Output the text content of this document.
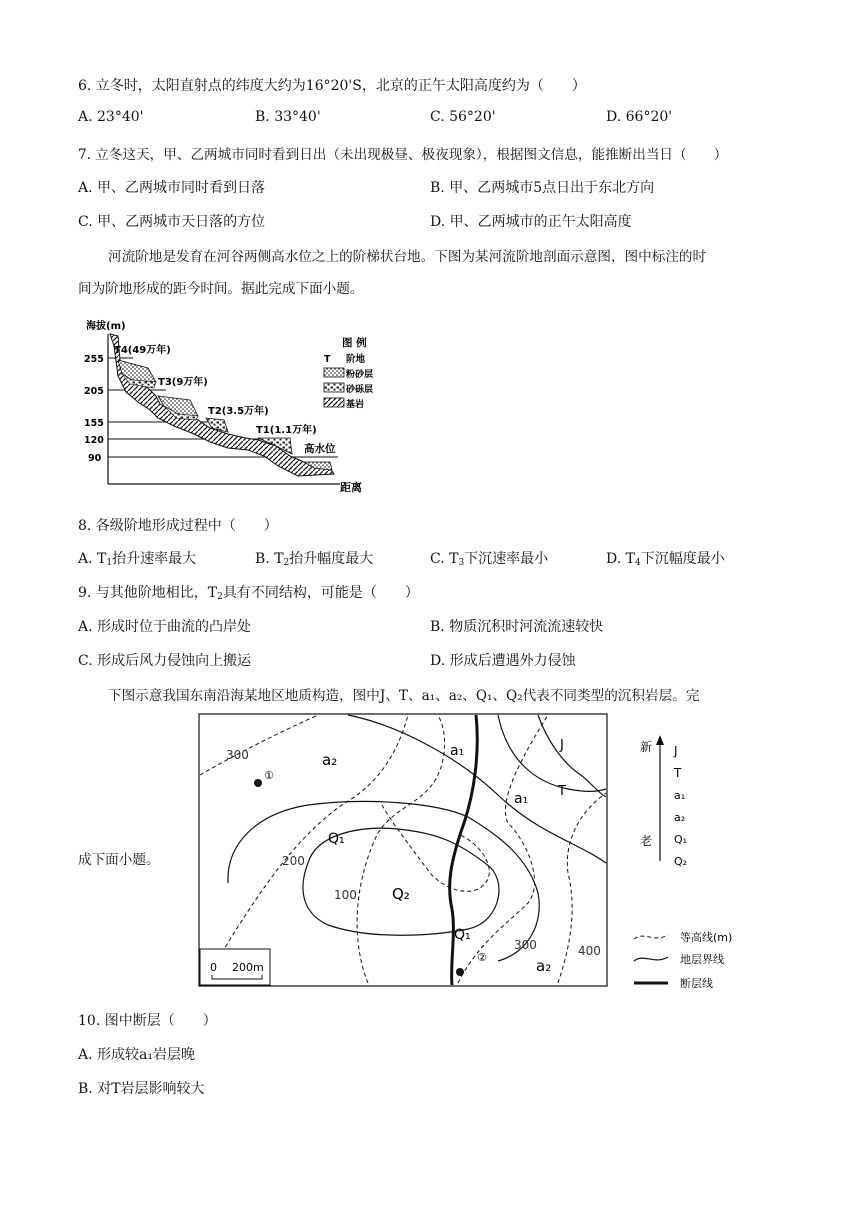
6. 立冬时，太阳直射点的纬度大约为16°20'S，北京的正午太阳高度约为（　　）
A. 23°40'	B. 33°40'	C. 56°20'	D. 66°20'
7. 立冬这天，甲、乙两城市同时看到日出（未出现极昼、极夜现象），根据图文信息，能推断出当日（　　）
A. 甲、乙两城市同时看到日落	B. 甲、乙两城市5点日出于东北方向
C. 甲、乙两城市天日落的方位	D. 甲、乙两城市的正午太阳高度
河流阶地是发育在河谷两侧高水位之上的阶梯状台地。下图为某河流阶地剖面示意图，图中标注的时
间为阶地形成的距今时间。据此完成下面小题。
海拔(m)
距离
255
205
155
120
90
T4(49万年)
T3(9万年)
T2(3.5万年)
T1(1.1万年)
高水位
图 例
T 阶地
粉砂层
砂砾层
基岩
8. 各级阶地形成过程中（　　）
A. $T_1$抬升速率最大	B. $T_2$抬升幅度最大	C. $T_3$下沉速率最小	D. $T_4$下沉幅度最小
9. 与其他阶地相比，$T_2$具有不同结构，可能是（　　）
A. 形成时位于曲流的凸岸处	B. 物质沉积时河流流速较快
C. 形成后风力侵蚀向上搬运	D. 形成后遭遇外力侵蚀
下图示意我国东南沿海某地区地质构造，图中J、T、a₁、a₂、Q₁、Q₂代表不同类型的沉积岩层。完
成下面小题。
300
200
100
300	400
J
T
a₁
a₁
a₂
a₂
Q₁
Q₁
Q₂
①
②
0 200m
新
老
J
T
a₁
a₂
Q₁
Q₂
等高线(m)
地层界线
断层线
10. 图中断层（　　）
A. 形成较a₁岩层晚
B. 对T岩层影响较大
